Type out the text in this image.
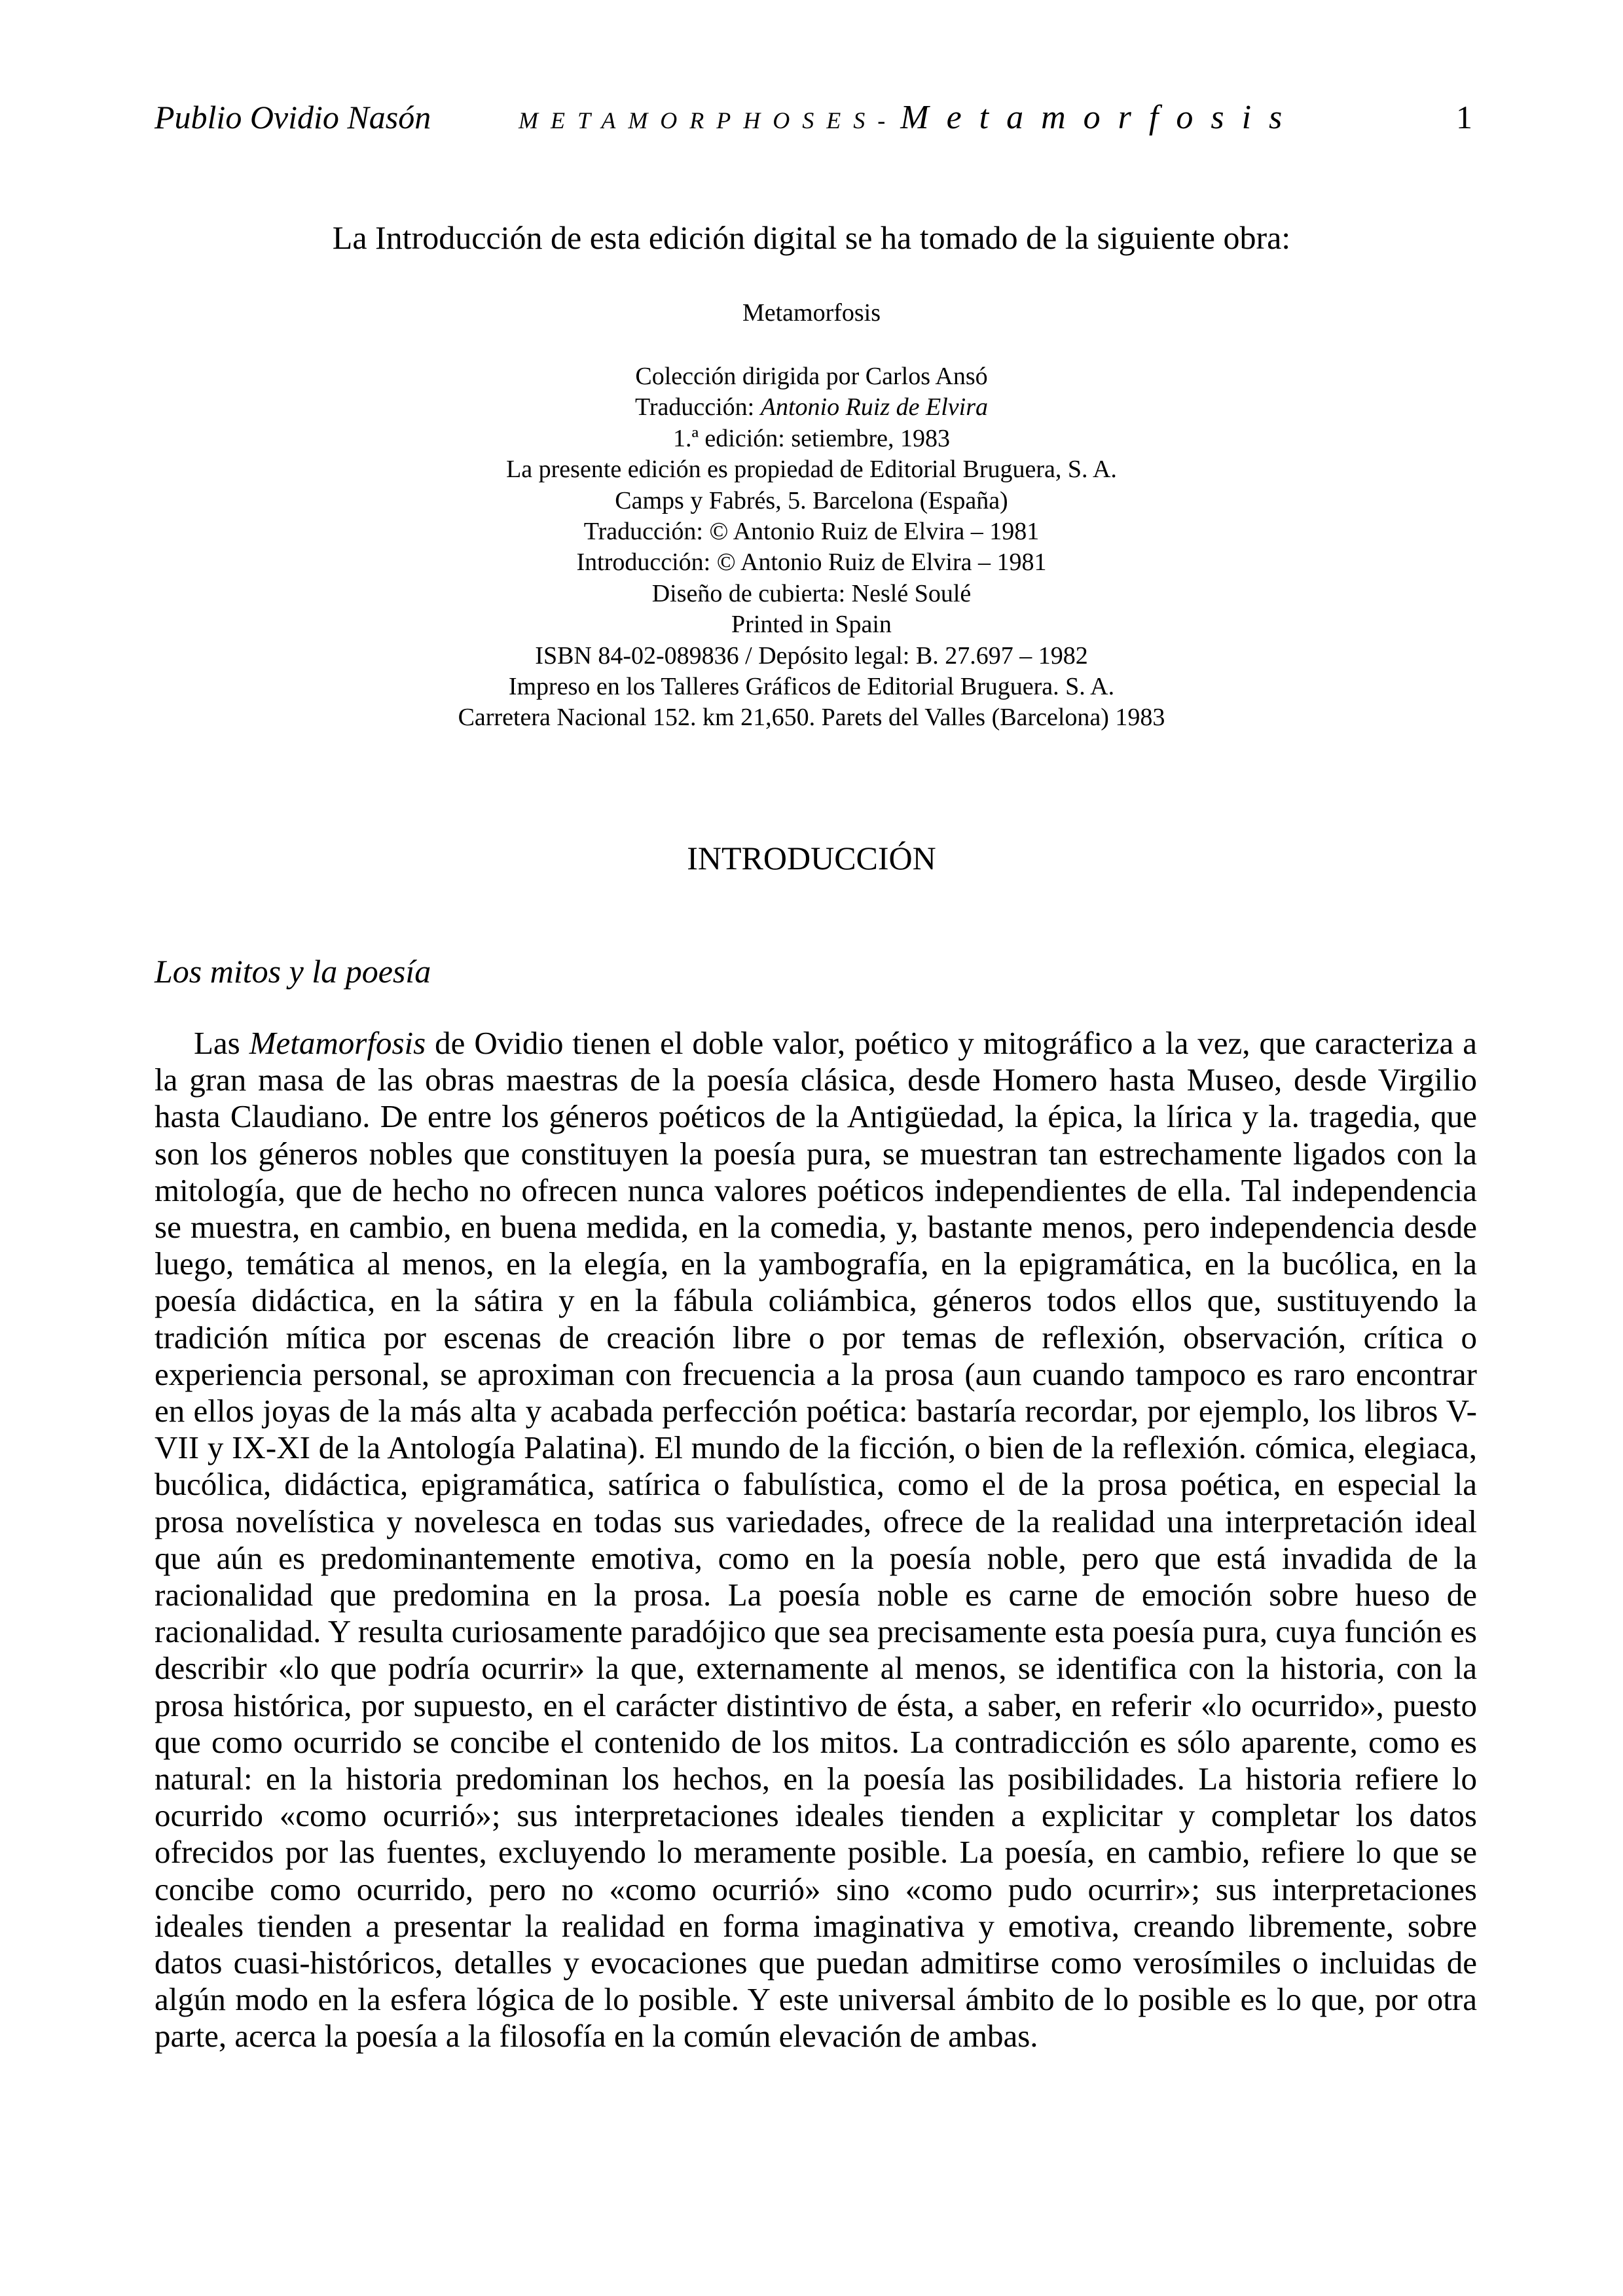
Publio Ovidio Nasón	METAMORPHOSES- Metamorfosis	1
La Introducción de esta edición digital se ha tomado de la siguiente obra:
Metamorfosis
Colección dirigida por Carlos Ansó
Traducción: Antonio Ruiz de Elvira
1.ª edición: setiembre, 1983
La presente edición es propiedad de Editorial Bruguera, S. A.
Camps y Fabrés, 5. Barcelona (España)
Traducción: © Antonio Ruiz de Elvira – 1981
Introducción: © Antonio Ruiz de Elvira – 1981
Diseño de cubierta: Neslé Soulé
Printed in Spain
ISBN 84-02-089836 / Depósito legal: B. 27.697 – 1982
Impreso en los Talleres Gráficos de Editorial Bruguera. S. A.
Carretera Nacional 152. km 21,650. Parets del Valles (Barcelona) 1983
INTRODUCCIÓN
Los mitos y la poesía

Las Metamorfosis de Ovidio tienen el doble valor, poético y mitográfico a la vez, que caracteriza a la gran masa de las obras maestras de la poesía clásica, desde Homero hasta Museo, desde Virgilio hasta Claudiano. De entre los géneros poéticos de la Antigüedad, la épica, la lírica y la. tragedia, que son los géneros nobles que constituyen la poesía pura, se muestran tan estrechamente ligados con la mitología, que de hecho no ofrecen nunca valores poéticos independientes de ella. Tal independencia se muestra, en cambio, en buena medida, en la comedia, y, bastante menos, pero independencia desde luego, temática al menos, en la elegía, en la yambografía, en la epigramática, en la bucólica, en la poesía didáctica, en la sátira y en la fábula coliámbica, géneros todos ellos que, sustituyendo la tradición mítica por escenas de creación libre o por temas de reflexión, observación, crítica o experiencia personal, se aproximan con frecuencia a la prosa (aun cuando tampoco es raro encontrar en ellos joyas de la más alta y acabada perfección poética: bastaría recordar, por ejemplo, los libros V-VII y IX-XI de la Antología Palatina). El mundo de la ficción, o bien de la reflexión. cómica, elegiaca, bucólica, didáctica, epigramática, satírica o fabulística, como el de la prosa poética, en especial la prosa novelística y novelesca en todas sus variedades, ofrece de la realidad una interpretación ideal que aún es predominantemente emotiva, como en la poesía noble, pero que está invadida de la racionalidad que predomina en la prosa. La poesía noble es carne de emoción sobre hueso de racionalidad. Y resulta curiosamente paradójico que sea precisamente esta poesía pura, cuya función es describir «lo que podría ocurrir» la que, externamente al menos, se identifica con la historia, con la prosa histórica, por supuesto, en el carácter distintivo de ésta, a saber, en referir «lo ocurrido», puesto que como ocurrido se concibe el contenido de los mitos. La contradicción es sólo aparente, como es natural: en la historia predominan los hechos, en la poesía las posibilidades. La historia refiere lo ocurrido «como ocurrió»; sus interpretaciones ideales tienden a explicitar y completar los datos ofrecidos por las fuentes, excluyendo lo meramente posible. La poesía, en cambio, refiere lo que se concibe como ocurrido, pero no «como ocurrió» sino «como pudo ocurrir»; sus interpretaciones ideales tienden a presentar la realidad en forma imaginativa y emotiva, creando libremente, sobre datos cuasi-históricos, detalles y evocaciones que puedan admitirse como verosímiles o incluidas de algún modo en la esfera lógica de lo posible. Y este universal ámbito de lo posible es lo que, por otra parte, acerca la poesía a la filosofía en la común elevación de ambas.
